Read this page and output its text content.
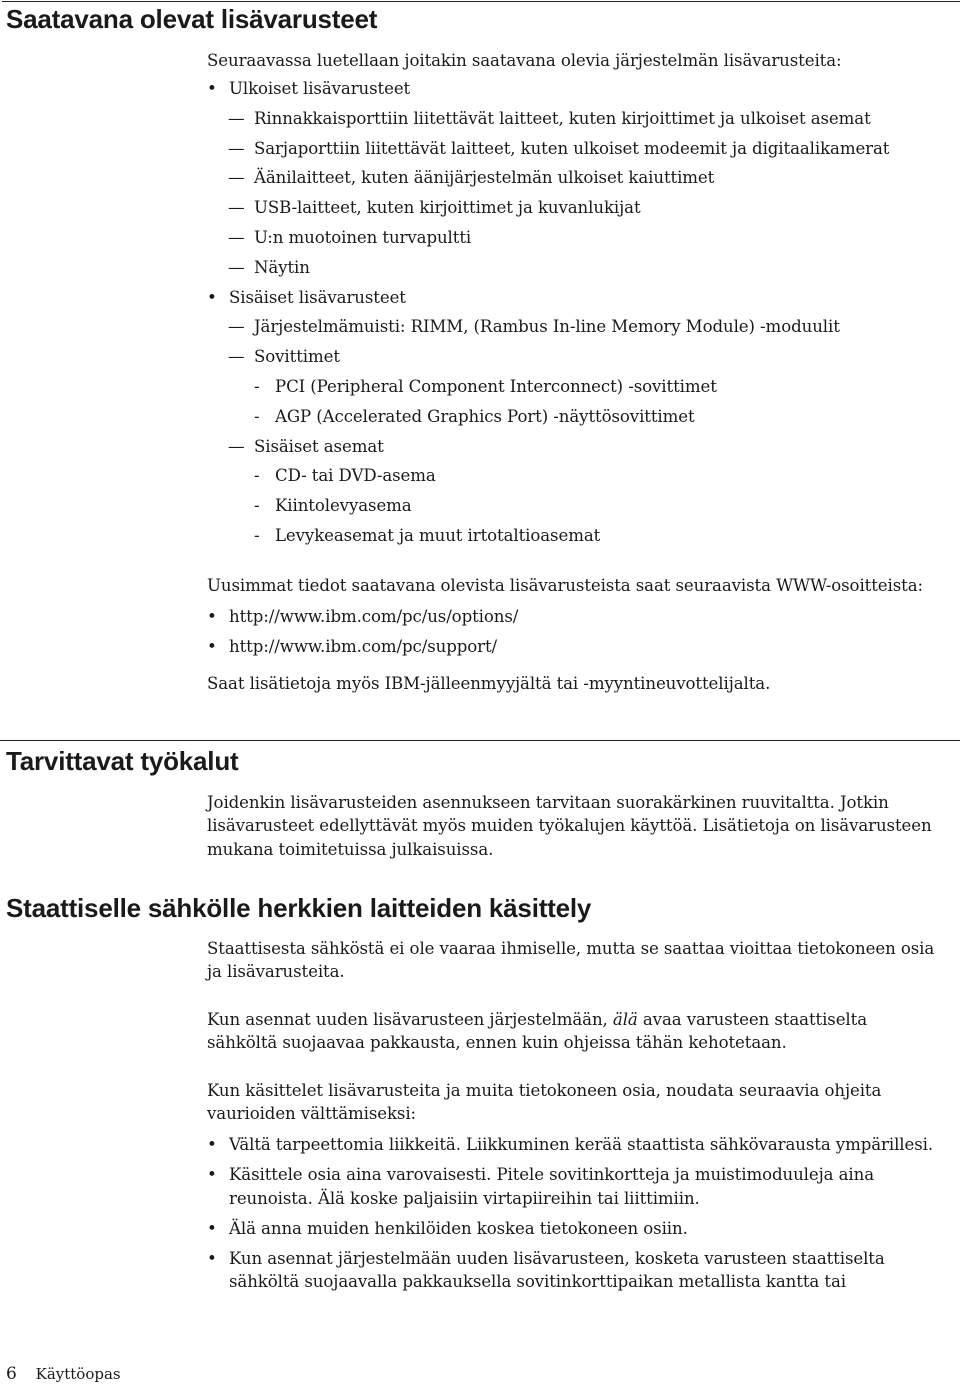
Saatavana olevat lisävarusteet

Seuraavassa luetellaan joitakin saatavana olevia järjestelmän lisävarusteita:

• Ulkoiset lisävarusteet
— Rinnakkaisporttiin liitettävät laitteet, kuten kirjoittimet ja ulkoiset asemat
— Sarjaporttiin liitettävät laitteet, kuten ulkoiset modeemit ja digitaalikamerat
— Äänilaitteet, kuten äänijärjestelmän ulkoiset kaiuttimet
— USB-laitteet, kuten kirjoittimet ja kuvanlukijat
— U:n muotoinen turvapultti
— Näytin
• Sisäiset lisävarusteet
— Järjestelmämuisti: RIMM, (Rambus In-line Memory Module) -moduulit
— Sovittimet
- PCI (Peripheral Component Interconnect) -sovittimet
- AGP (Accelerated Graphics Port) -näyttösovittimet
— Sisäiset asemat
- CD- tai DVD-asema
- Kiintolevyasema
- Levykeasemat ja muut irtotaltioasemat

Uusimmat tiedot saatavana olevista lisävarusteista saat seuraavista WWW-osoitteista:

• http://www.ibm.com/pc/us/options/
• http://www.ibm.com/pc/support/

Saat lisätietoja myös IBM-jälleenmyyjältä tai -myyntineuvottelijalta.

Tarvittavat työkalut

Joidenkin lisävarusteiden asennukseen tarvitaan suorakärkinen ruuvitaltta. Jotkin lisävarusteet edellyttävät myös muiden työkalujen käyttöä. Lisätietoja on lisävarusteen mukana toimitetuissa julkaisuissa.

Staattiselle sähkölle herkkien laitteiden käsittely

Staattisesta sähköstä ei ole vaaraa ihmiselle, mutta se saattaa vioittaa tietokoneen osia ja lisävarusteita.

Kun asennat uuden lisävarusteen järjestelmään, älä avaa varusteen staattiselta sähköltä suojaavaa pakkausta, ennen kuin ohjeissa tähän kehotetaan.

Kun käsittelet lisävarusteita ja muita tietokoneen osia, noudata seuraavia ohjeita vaurioiden välttämiseksi:

• Vältä tarpeettomia liikkeitä. Liikkuminen kerää staattista sähkövarausta ympärillesi.
• Käsittele osia aina varovaisesti. Pitele sovitinkortteja ja muistimoduuleja aina reunoista. Älä koske paljaisiin virtapiireihin tai liittimiin.
• Älä anna muiden henkilöiden koskea tietokoneen osiin.
• Kun asennat järjestelmään uuden lisävarusteen, kosketa varusteen staattiselta sähköltä suojaavalla pakkauksella sovitinkorttipaikan metallista kantta tai
6 Käyttöopas
